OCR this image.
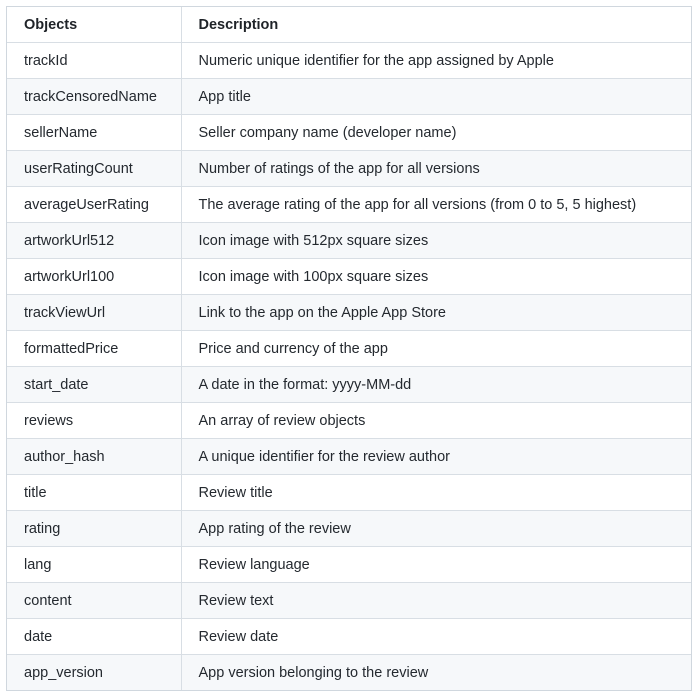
Objects	Description
trackId	Numeric unique identifier for the app assigned by Apple
trackCensoredName	App title
sellerName	Seller company name (developer name)
userRatingCount	Number of ratings of the app for all versions
averageUserRating	The average rating of the app for all versions (from 0 to 5, 5 highest)
artworkUrl512	Icon image with 512px square sizes
artworkUrl100	Icon image with 100px square sizes
trackViewUrl	Link to the app on the Apple App Store
formattedPrice	Price and currency of the app
start_date	A date in the format: yyyy-MM-dd
reviews	An array of review objects
author_hash	A unique identifier for the review author
title	Review title
rating	App rating of the review
lang	Review language
content	Review text
date	Review date
app_version	App version belonging to the review
